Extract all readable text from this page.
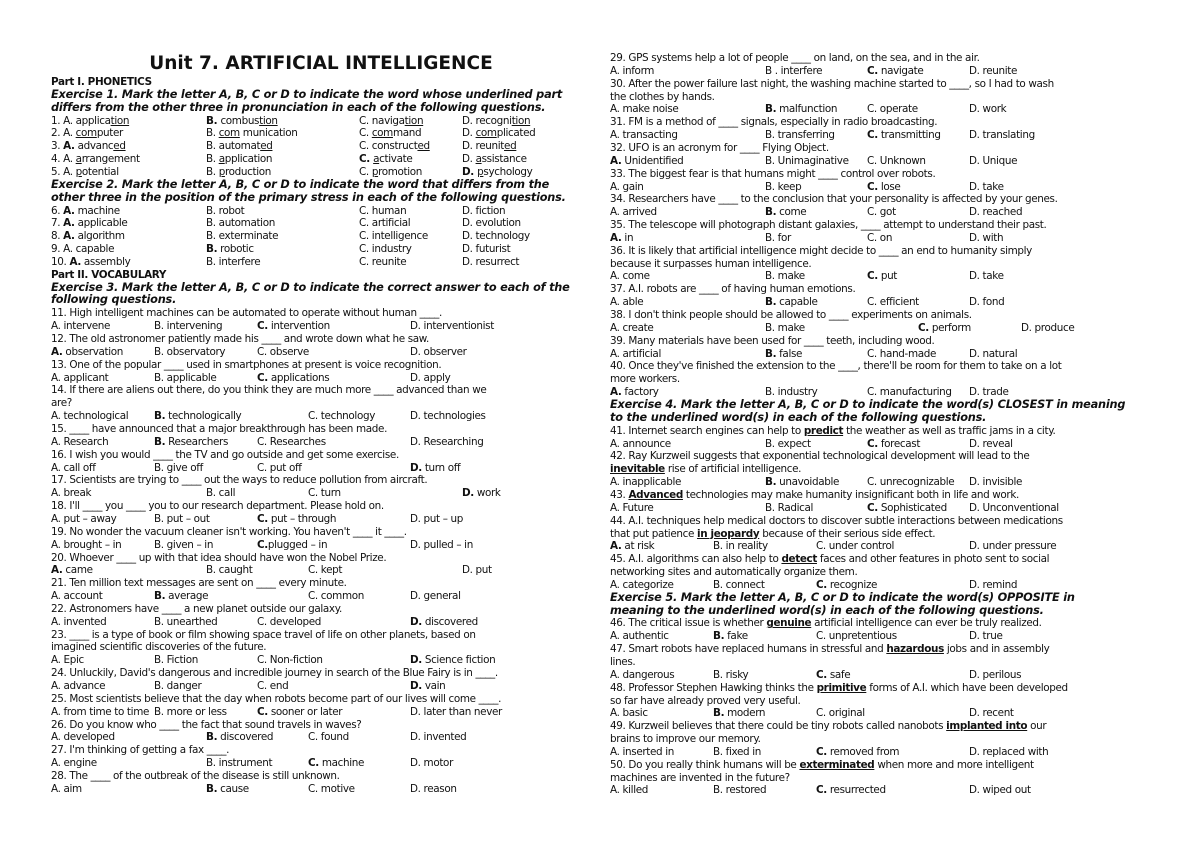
Unit 7. ARTIFICIAL INTELLIGENCE
Part I. PHONETICS
Exercise 1. Mark the letter A, B, C or D to indicate the word whose underlined part
differs from the other three in pronunciation in each of the following questions.
1. A. application	B. combustion	C. navigation	D. recognition
2. A. computer	B. com munication	C. command	D. complicated
3. A. advanced	B. automated	C. constructed	D. reunited
4. A. arrangement	B. application	C. activate	D. assistance
5. A. potential	B. production	C. promotion	D. psychology
Exercise 2. Mark the letter A, B, C or D to indicate the word that differs from the
other three in the position of the primary stress in each of the following questions.
6. A. machine	B. robot	C. human	D. fiction
7. A. applicable	B. automation	C. artificial	D. evolution
8. A. algorithm	B. exterminate	C. intelligence	D. technology
9. A. capable	B. robotic	C. industry	D. futurist
10. A. assembly	B. interfere	C. reunite	D. resurrect
Part II. VOCABULARY
Exercise 3. Mark the letter A, B, C or D to indicate the correct answer to each of the
following questions.
11. High intelligent machines can be automated to operate without human ____.
A. intervene	B. intervening	C. intervention	D. interventionist
12. The old astronomer patiently made his ____ and wrote down what he saw.
A. observation	B. observatory	C. observe	D. observer
13. One of the popular ____ used in smartphones at present is voice recognition.
A. applicant	B. applicable	C. applications	D. apply
14. If there are aliens out there, do you think they are much more ____ advanced than we
are?
A. technological B. technologically	C. technology	D. technologies
15. ____ have announced that a major breakthrough has been made.
A. Research	B. Researchers	C. Researches	D. Researching
16. I wish you would ____ the TV and go outside and get some exercise.
A. call off	B. give off	C. put off	D. turn off
17. Scientists are trying to ____ out the ways to reduce pollution from aircraft.
A. break	B. call	C. turn	D. work
18. I'll ____ you ____ you to our research department. Please hold on.
A. put – away	B. put – out	C. put – through	D. put – up
19. No wonder the vacuum cleaner isn't working. You haven't ____ it ____.
A. brought – in	B. given – in	C.plugged – in	D. pulled – in
20. Whoever ____ up with that idea should have won the Nobel Prize.
A. came	B. caught	C. kept	D. put
21. Ten million text messages are sent on ____ every minute.
A. account	B. average	C. common	D. general
22. Astronomers have ____ a new planet outside our galaxy.
A. invented	B. unearthed	C. developed	D. discovered
23. ____ is a type of book or film showing space travel of life on other planets, based on
imagined scientific discoveries of the future.
A. Epic	B. Fiction	C. Non-fiction	D. Science fiction
24. Unluckily, David's dangerous and incredible journey in search of the Blue Fairy is in ____.
A. advance	B. danger	C. end	D. vain
25. Most scientists believe that the day when robots become part of our lives will come ____.
A. from time to time B. more or less	C. sooner or later	D. later than never
26. Do you know who ____ the fact that sound travels in waves?
A. developed	B. discovered	C. found	D. invented
27. I'm thinking of getting a fax ____.
A. engine	B. instrument	C. machine	D. motor
28. The ____ of the outbreak of the disease is still unknown.
A. aim	B. cause	C. motive	D. reason
29. GPS systems help a lot of people ____ on land, on the sea, and in the air.
A. inform	B . interfere	C. navigate	D. reunite
30. After the power failure last night, the washing machine started to ____, so I had to wash
the clothes by hands.
A. make noise	B. malfunction	C. operate	D. work
31. FM is a method of ____ signals, especially in radio broadcasting.
A. transacting	B. transferring	C. transmitting	D. translating
32. UFO is an acronym for ____ Flying Object.
A. Unidentified	B. Unimaginative C. Unknown	D. Unique
33. The biggest fear is that humans might ____ control over robots.
A. gain	B. keep	C. lose	D. take
34. Researchers have ____ to the conclusion that your personality is affected by your genes.
A. arrived	B. come	C. got	D. reached
35. The telescope will photograph distant galaxies, ____ attempt to understand their past.
A. in	B. for	C. on	D. with
36. It is likely that artificial intelligence might decide to ____ an end to humanity simply
because it surpasses human intelligence.
A. come	B. make	C. put	D. take
37. A.I. robots are ____ of having human emotions.
A. able	B. capable	C. efficient	D. fond
38. I don't think people should be allowed to ____ experiments on animals.
A. create	B. make	C. perform	D. produce
39. Many materials have been used for ____ teeth, including wood.
A. artificial	B. false	C. hand-made	D. natural
40. Once they've finished the extension to the ____, there'll be room for them to take on a lot
more workers.
A. factory	B. industry	C. manufacturing D. trade
Exercise 4. Mark the letter A, B, C or D to indicate the word(s) CLOSEST in meaning
to the underlined word(s) in each of the following questions.
41. Internet search engines can help to predict the weather as well as traffic jams in a city.
A. announce	B. expect	C. forecast	D. reveal
42. Ray Kurzweil suggests that exponential technological development will lead to the
inevitable rise of artificial intelligence.
A. inapplicable	B. unavoidable	C. unrecognizable D. invisible
43. Advanced technologies may make humanity insignificant both in life and work.
A. Future	B. Radical	C. Sophisticated D. Unconventional
44. A.I. techniques help medical doctors to discover subtle interactions between medications
that put patience in jeopardy because of their serious side effect.
A. at risk	B. in reality	C. under control	D. under pressure
45. A.I. algorithms can also help to detect faces and other features in photo sent to social
networking sites and automatically organize them.
A. categorize	B. connect	C. recognize	D. remind
Exercise 5. Mark the letter A, B, C or D to indicate the word(s) OPPOSITE in
meaning to the underlined word(s) in each of the following questions.
46. The critical issue is whether genuine artificial intelligence can ever be truly realized.
A. authentic	B. fake	C. unpretentious	D. true
47. Smart robots have replaced humans in stressful and hazardous jobs and in assembly
lines.
A. dangerous	B. risky	C. safe	D. perilous
48. Professor Stephen Hawking thinks the primitive forms of A.I. which have been developed
so far have already proved very useful.
A. basic	B. modern	C. original	D. recent
49. Kurzweil believes that there could be tiny robots called nanobots implanted into our
brains to improve our memory.
A. inserted in	B. fixed in	C. removed from	D. replaced with
50. Do you really think humans will be exterminated when more and more intelligent
machines are invented in the future?
A. killed	B. restored	C. resurrected	D. wiped out
